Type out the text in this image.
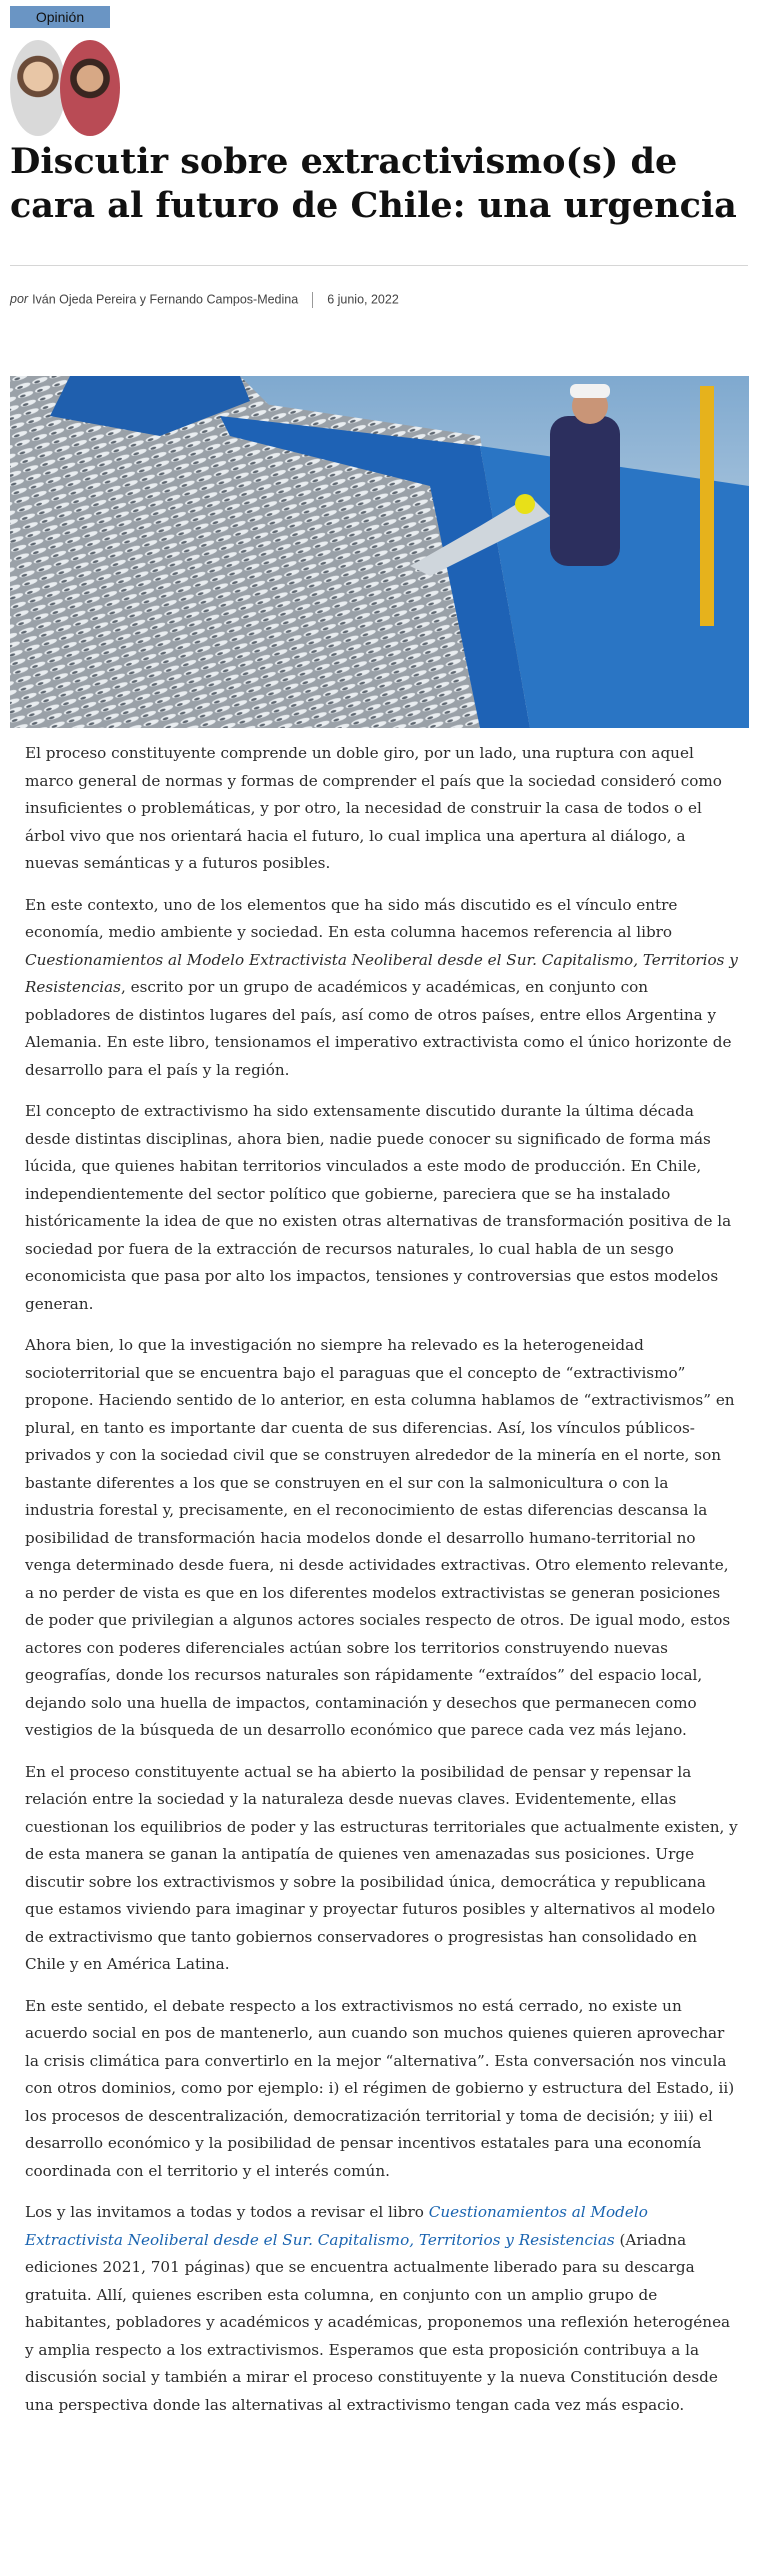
Opinión
Discutir sobre extractivismo(s) de cara al futuro de Chile: una urgencia
por Iván Ojeda Pereira y Fernando Campos-Medina 6 junio, 2022

El proceso constituyente comprende un doble giro, por un lado, una ruptura con aquel marco general de normas y formas de comprender el país que la sociedad consideró como insuficientes o problemáticas, y por otro, la necesidad de construir la casa de todos o el árbol vivo que nos orientará hacia el futuro, lo cual implica una apertura al diálogo, a nuevas semánticas y a futuros posibles.

En este contexto, uno de los elementos que ha sido más discutido es el vínculo entre economía, medio ambiente y sociedad. En esta columna hacemos referencia al libro Cuestionamientos al Modelo Extractivista Neoliberal desde el Sur. Capitalismo, Territorios y Resistencias, escrito por un grupo de académicos y académicas, en conjunto con pobladores de distintos lugares del país, así como de otros países, entre ellos Argentina y Alemania. En este libro, tensionamos el imperativo extractivista como el único horizonte de desarrollo para el país y la región.

El concepto de extractivismo ha sido extensamente discutido durante la última década desde distintas disciplinas, ahora bien, nadie puede conocer su significado de forma más lúcida, que quienes habitan territorios vinculados a este modo de producción. En Chile, independientemente del sector político que gobierne, pareciera que se ha instalado históricamente la idea de que no existen otras alternativas de transformación positiva de la sociedad por fuera de la extracción de recursos naturales, lo cual habla de un sesgo economicista que pasa por alto los impactos, tensiones y controversias que estos modelos generan.

Ahora bien, lo que la investigación no siempre ha relevado es la heterogeneidad socioterritorial que se encuentra bajo el paraguas que el concepto de “extractivismo” propone. Haciendo sentido de lo anterior, en esta columna hablamos de “extractivismos” en plural, en tanto es importante dar cuenta de sus diferencias. Así, los vínculos públicos-privados y con la sociedad civil que se construyen alrededor de la minería en el norte, son bastante diferentes a los que se construyen en el sur con la salmonicultura o con la industria forestal y, precisamente, en el reconocimiento de estas diferencias descansa la posibilidad de transformación hacia modelos donde el desarrollo humano-territorial no venga determinado desde fuera, ni desde actividades extractivas. Otro elemento relevante, a no perder de vista es que en los diferentes modelos extractivistas se generan posiciones de poder que privilegian a algunos actores sociales respecto de otros. De igual modo, estos actores con poderes diferenciales actúan sobre los territorios construyendo nuevas geografías, donde los recursos naturales son rápidamente “extraídos” del espacio local, dejando solo una huella de impactos, contaminación y desechos que permanecen como vestigios de la búsqueda de un desarrollo económico que parece cada vez más lejano.

En el proceso constituyente actual se ha abierto la posibilidad de pensar y repensar la relación entre la sociedad y la naturaleza desde nuevas claves. Evidentemente, ellas cuestionan los equilibrios de poder y las estructuras territoriales que actualmente existen, y de esta manera se ganan la antipatía de quienes ven amenazadas sus posiciones. Urge discutir sobre los extractivismos y sobre la posibilidad única, democrática y republicana que estamos viviendo para imaginar y proyectar futuros posibles y alternativos al modelo de extractivismo que tanto gobiernos conservadores o progresistas han consolidado en Chile y en América Latina.

En este sentido, el debate respecto a los extractivismos no está cerrado, no existe un acuerdo social en pos de mantenerlo, aun cuando son muchos quienes quieren aprovechar la crisis climática para convertirlo en la mejor “alternativa”. Esta conversación nos vincula con otros dominios, como por ejemplo: i) el régimen de gobierno y estructura del Estado, ii) los procesos de descentralización, democratización territorial y toma de decisión; y iii) el desarrollo económico y la posibilidad de pensar incentivos estatales para una economía coordinada con el territorio y el interés común.

Los y las invitamos a todas y todos a revisar el libro Cuestionamientos al Modelo Extractivista Neoliberal desde el Sur. Capitalismo, Territorios y Resistencias (Ariadna ediciones 2021, 701 páginas) que se encuentra actualmente liberado para su descarga gratuita. Allí, quienes escriben esta columna, en conjunto con un amplio grupo de habitantes, pobladores y académicos y académicas, proponemos una reflexión heterogénea y amplia respecto a los extractivismos. Esperamos que esta proposición contribuya a la discusión social y también a mirar el proceso constituyente y la nueva Constitución desde una perspectiva donde las alternativas al extractivismo tengan cada vez más espacio.
